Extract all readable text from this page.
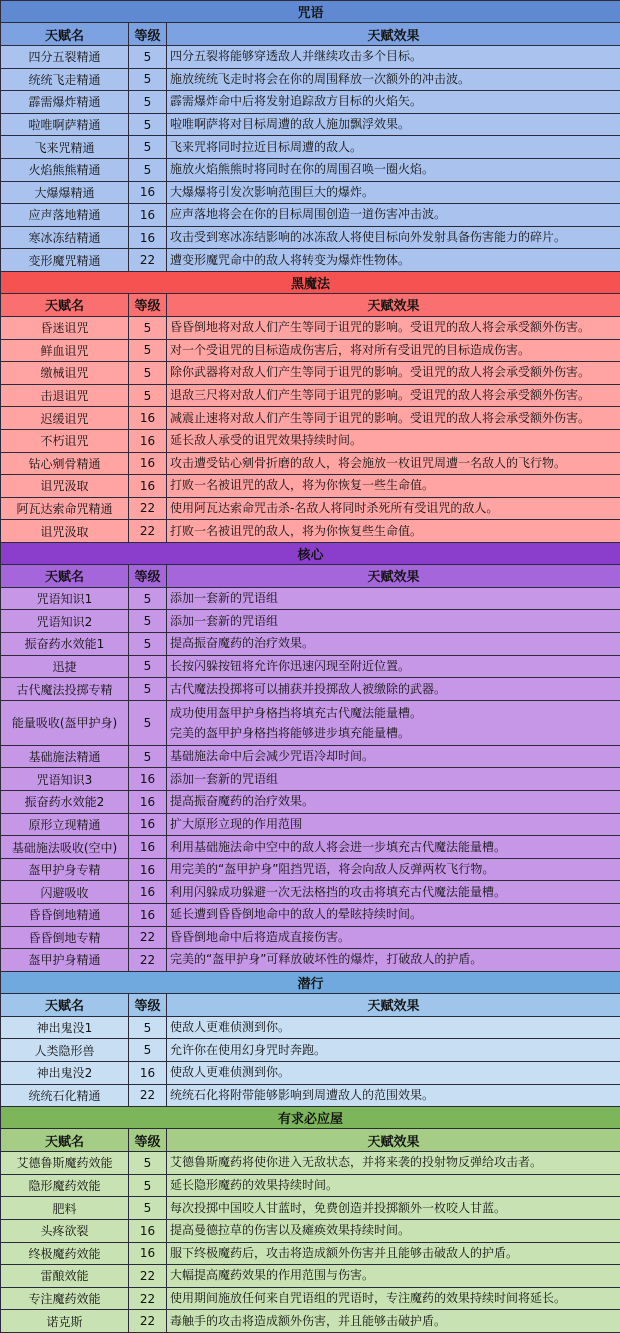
咒语		
天赋名	等级	天赋效果
四分五裂精通	5	四分五裂将能够穿透敌人并继续攻击多个目标。
统统飞走精通	5	施放统统飞走时将会在你的周围释放一次额外的冲击波。
霹需爆炸精通	5	霹需爆炸命中后将发射追踪敌方目标的火焰矢。
啦唯啊萨精通	5	啦唯啊萨将对目标周遭的敌人施加飘浮效果。
飞来咒精通	5	飞来咒将同时拉近目标周遭的敌人。
火焰熊熊精通	5	施放火焰熊熊时将同时在你的周围召唤一圈火焰。
大爆爆精通	16	大爆爆将引发次影响范围巨大的爆炸。
应声落地精通	16	应声落地将会在你的目标周围创造一道伤害冲击波。
寒冰冻结精通	16	攻击受到寒冰冻结影响的冰冻敌人将使目标向外发射具备伤害能力的碎片。
变形魔咒精通	22	遭变形魔咒命中的敌人将转变为爆炸性物体。
黑魔法		
天赋名	等级	天赋效果
昏迷诅咒	5	昏昏倒地将对敌人们产生等同于诅咒的影响。受诅咒的敌人将会承受额外伤害。
鲜血诅咒	5	对一个受诅咒的目标造成伤害后，将对所有受诅咒的目标造成伤害。
缴械诅咒	5	除你武器将对敌人们产生等同于诅咒的影响。受诅咒的敌人将会承受额外伤害。
击退诅咒	5	退敌三尺将对敌人们产生等同于诅咒的影响。受诅咒的敌人将会承受额外伤害。
迟缓诅咒	16	减震止速将对敌人们产生等同于诅咒的影响。受诅咒的敌人将会承受额外伤害。
不朽诅咒	16	延长敌人承受的诅咒效果持续时间。
钻心剜骨精通	16	攻击遭受钻心剜骨折磨的敌人，将会施放一枚诅咒周遭一名敌人的飞行物。
诅咒汲取	16	打败一名被诅咒的敌人，将为你恢复一些生命值。
阿瓦达索命咒精通	22	使用阿瓦达索命咒击杀-名敌人将同时杀死所有受诅咒的敌人。
诅咒汲取	22	打败一名被诅咒的敌人，将为你恢复些生命值。
核心		
天赋名	等级	天赋效果
咒语知识1	5	添加一套新的咒语组
咒语知识2	5	添加一套新的咒语组
振奋药水效能1	5	提高振奋魔药的治疗效果。
迅捷	5	长按闪躲按钮将允许你迅速闪现至附近位置。
古代魔法投掷专精	5	古代魔法投掷将可以捕获并投掷敌人被缴除的武器。
能量吸收(盔甲护身)	5	成功使用盔甲护身格挡将填充古代魔法能量槽。
完美的盔甲护身格挡将能够进步填充能量槽。

基础施法精通	5	基础施法命中后会减少咒语冷却时间。
咒语知识3	16	添加一套新的咒语组
振奋药水效能2	16	提高振奋魔药的治疗效果。
原形立现精通	16	扩大原形立现的作用范围
基础施法吸收(空中)	16	利用基础施法命中空中的敌人将会进一步填充古代魔法能量槽。
盔甲护身专精	16	用完美的“盔甲护身”阻挡咒语，将会向敌人反弹两枚飞行物。
闪避吸收	16	利用闪躲成功躲避一次无法格挡的攻击将填充古代魔法能量槽。
昏昏倒地精通	16	延长遭到昏昏倒地命中的敌人的晕眩持续时间。
昏昏倒地专精	22	昏昏倒地命中后将造成直接伤害。
盔甲护身精通	22	完美的“盔甲护身”可释放破坏性的爆炸，打破敌人的护盾。
潜行		
天赋名	等级	天赋效果
神出鬼没1	5	使敌人更难侦测到你。
人类隐形兽	5	允许你在使用幻身咒时奔跑。
神出鬼没2	16	使敌人更难侦测到你。
统统石化精通	22	统统石化将附带能够影响到周遭敌人的范围效果。
有求必应屋		
天赋名	等级	天赋效果
艾德鲁斯魔药效能	5	艾德鲁斯魔药将使你进入无敌状态，并将来袭的投射物反弹给攻击者。
隐形魔药效能	5	延长隐形魔药的效果持续时间。
肥料	5	每次投掷中国咬人甘蓝时，免费创造并投掷额外一枚咬人甘蓝。
头疼欲裂	16	提高曼德拉草的伤害以及瘫痪效果持续时间。
终极魔药效能	16	服下终极魔药后，攻击将造成额外伤害并且能够击破敌人的护盾。
雷酿效能	22	大幅提高魔药效果的作用范围与伤害。
专注魔药效能	22	使用期间施放任何来自咒语组的咒语时，专注魔药的效果持续时间将延长。
诺克斯	22	毒触手的攻击将造成额外伤害，并且能够击破护盾。
